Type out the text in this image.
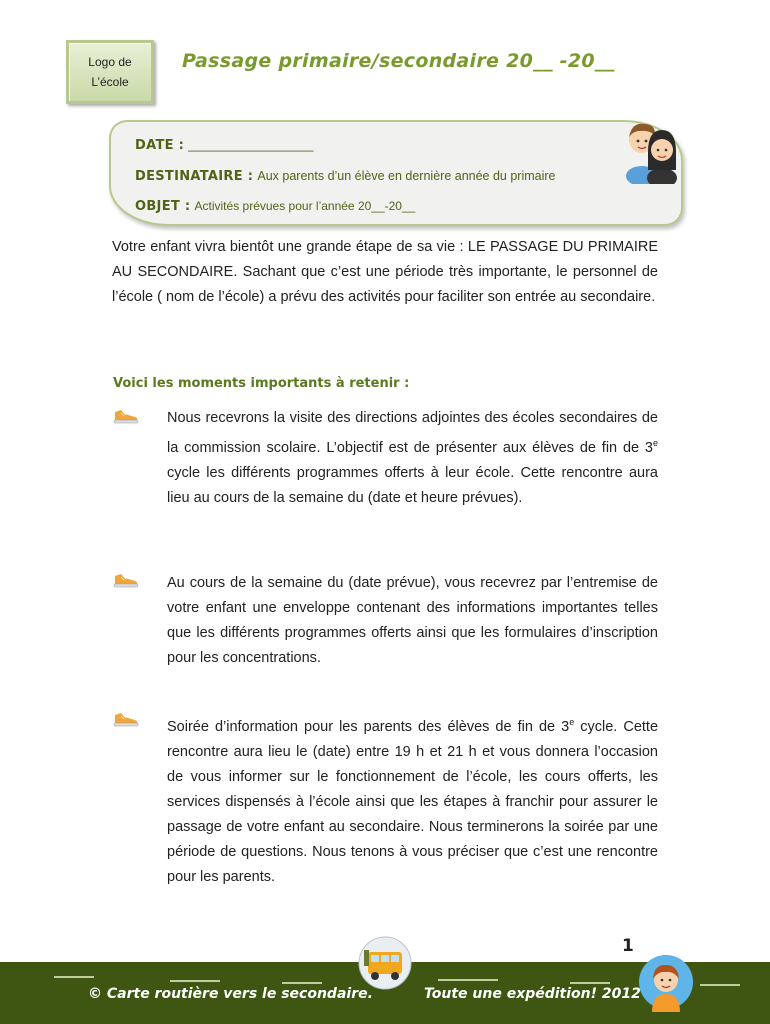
Logo de
L’école
Passage primaire/secondaire 20__ -20__
DATE : __________________
DESTINATAIRE : Aux parents d’un élève en dernière année du primaire
OBJET : Activités prévues pour l’année 20__-20__
Votre enfant vivra bientôt une grande étape de sa vie : LE PASSAGE DU PRIMAIRE AU SECONDAIRE. Sachant que c’est une période très importante, le personnel de l’école ( nom de l’école) a prévu des activités pour faciliter son entrée au secondaire.
Voici les moments importants à retenir :
Nous recevrons la visite des directions adjointes des écoles secondaires de la commission scolaire. L’objectif est de présenter aux élèves de fin de 3e cycle les différents programmes offerts à leur école. Cette rencontre aura lieu au cours de la semaine du (date et heure prévues).
Au cours de la semaine du (date prévue), vous recevrez par l’entremise de votre enfant une enveloppe contenant des informations importantes telles que les différents programmes offerts ainsi que les formulaires d’inscription pour les concentrations.
Soirée d’information pour les parents des élèves de fin de 3e cycle. Cette rencontre aura lieu le (date) entre 19 h et 21 h et vous donnera l’occasion de vous informer sur le fonctionnement de l’école, les cours offerts, les services dispensés à l’école ainsi que les étapes à franchir pour assurer le passage de votre enfant au secondaire. Nous terminerons la soirée par une période de questions. Nous tenons à vous préciser que c’est une rencontre pour les parents.
1
© Carte routière vers le secondaire.	Toute une expédition! 2012
